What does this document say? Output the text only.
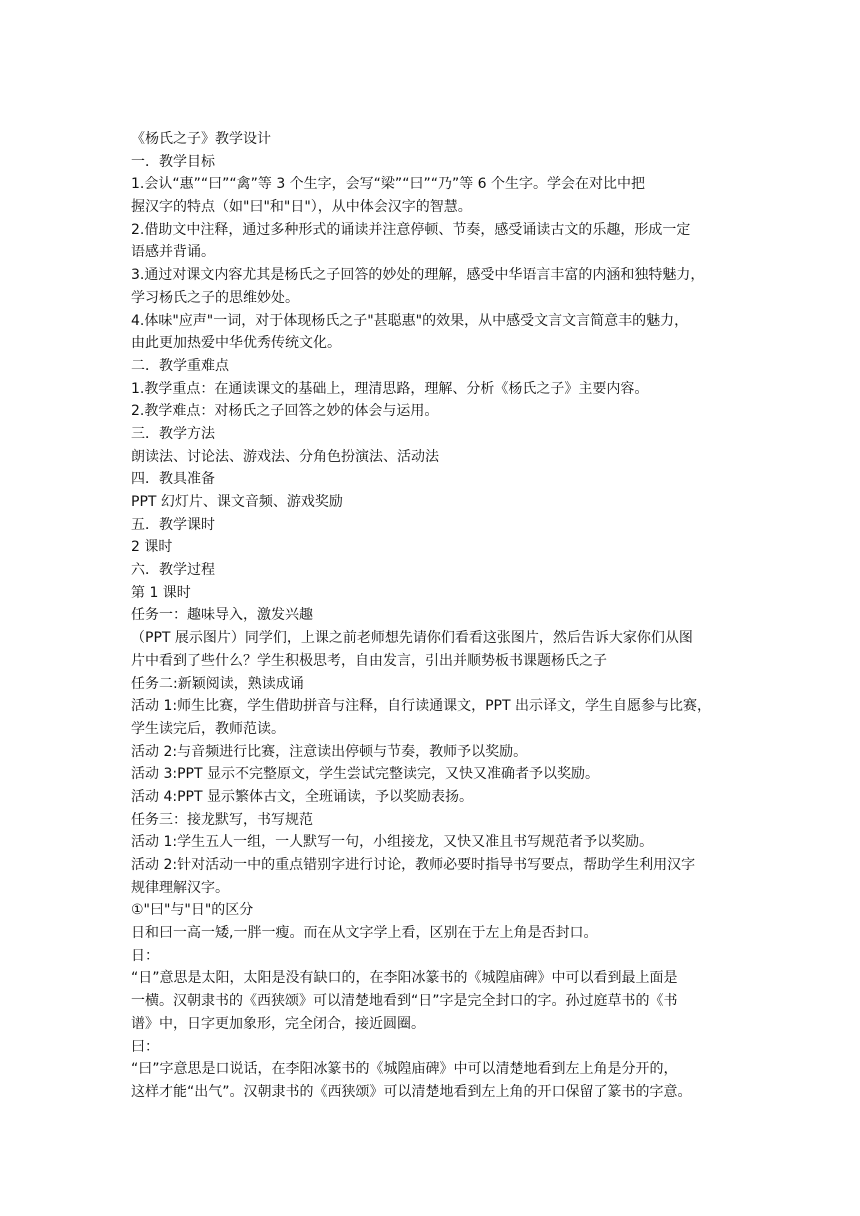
《杨氏之子》教学设计
一．教学目标
1.会认“惠”“曰”“禽”等 3 个生字，会写“梁”“曰”“乃”等 6 个生字。学会在对比中把
握汉字的特点（如"曰"和"日"），从中体会汉字的智慧。
2.借助文中注释，通过多种形式的诵读并注意停顿、节奏，感受诵读古文的乐趣，形成一定
语感并背诵。
3.通过对课文内容尤其是杨氏之子回答的妙处的理解，感受中华语言丰富的内涵和独特魅力，
学习杨氏之子的思维妙处。
4.体味"应声"一词，对于体现杨氏之子"甚聪惠"的效果，从中感受文言文言简意丰的魅力，
由此更加热爱中华优秀传统文化。
二．教学重难点
1.教学重点：在通读课文的基础上，理清思路，理解、分析《杨氏之子》主要内容。
2.教学难点：对杨氏之子回答之妙的体会与运用。
三．教学方法
朗读法、讨论法、游戏法、分角色扮演法、活动法
四．教具准备
PPT 幻灯片、课文音频、游戏奖励
五．教学课时
2 课时
六．教学过程
第 1 课时
任务一：趣味导入，激发兴趣
（PPT 展示图片）同学们，上课之前老师想先请你们看看这张图片，然后告诉大家你们从图
片中看到了些什么？学生积极思考，自由发言，引出并顺势板书课题杨氏之子
任务二:新颖阅读，熟读成诵
活动 1:师生比赛，学生借助拼音与注释，自行读通课文，PPT 出示译文，学生自愿参与比赛，
学生读完后，教师范读。
活动 2:与音频进行比赛，注意读出停顿与节奏，教师予以奖励。
活动 3:PPT 显示不完整原文，学生尝试完整读完，又快又准确者予以奖励。
活动 4:PPT 显示繁体古文，全班诵读，予以奖励表扬。
任务三：接龙默写，书写规范
活动 1:学生五人一组，一人默写一句，小组接龙，又快又准且书写规范者予以奖励。
活动 2:针对活动一中的重点错别字进行讨论，教师必要时指导书写要点，帮助学生利用汉字
规律理解汉字。
①"曰"与"日"的区分
日和曰一高一矮,一胖一瘦。而在从文字学上看，区别在于左上角是否封口。
日：
“日”意思是太阳，太阳是没有缺口的，在李阳冰篆书的《城隍庙碑》中可以看到最上面是
一横。汉朝隶书的《西狭颂》可以清楚地看到“日”字是完全封口的字。孙过庭草书的《书
谱》中，日字更加象形，完全闭合，接近圆圈。
曰：
“曰”字意思是口说话，在李阳冰篆书的《城隍庙碑》中可以清楚地看到左上角是分开的，
这样才能“出气”。汉朝隶书的《西狭颂》可以清楚地看到左上角的开口保留了篆书的字意。
